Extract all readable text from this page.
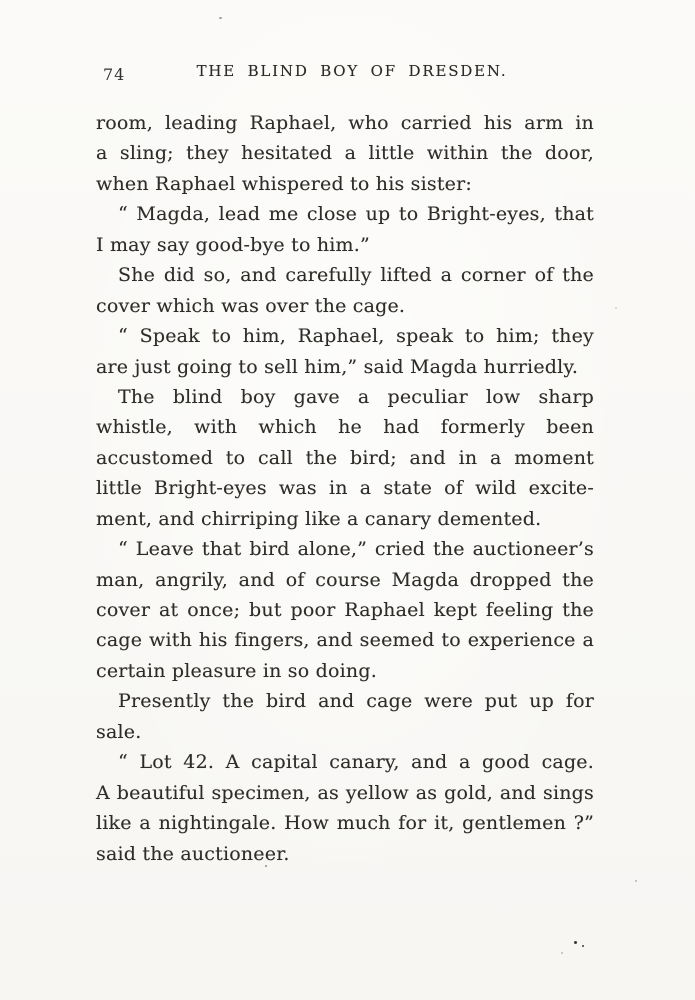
74	THE BLIND BOY OF DRESDEN.
room, leading Raphael, who carried his arm in
a sling; they hesitated a little within the door,
when Raphael whispered to his sister:
“ Magda, lead me close up to Bright-eyes, that
I may say good-bye to him.”
She did so, and carefully lifted a corner of the
cover which was over the cage.
“ Speak to him, Raphael, speak to him; they
are just going to sell him,” said Magda hurriedly.
The blind boy gave a peculiar low sharp
whistle, with which he had formerly been
accustomed to call the bird; and in a moment
little Bright-eyes was in a state of wild excite-
ment, and chirriping like a canary demented.
“ Leave that bird alone,” cried the auctioneer’s
man, angrily, and of course Magda dropped the
cover at once; but poor Raphael kept feeling the
cage with his fingers, and seemed to experience a
certain pleasure in so doing.
Presently the bird and cage were put up for
sale.
“ Lot 42. A capital canary, and a good cage.
A beautiful specimen, as yellow as gold, and sings
like a nightingale. How much for it, gentlemen ?”
said the auctioneer.
